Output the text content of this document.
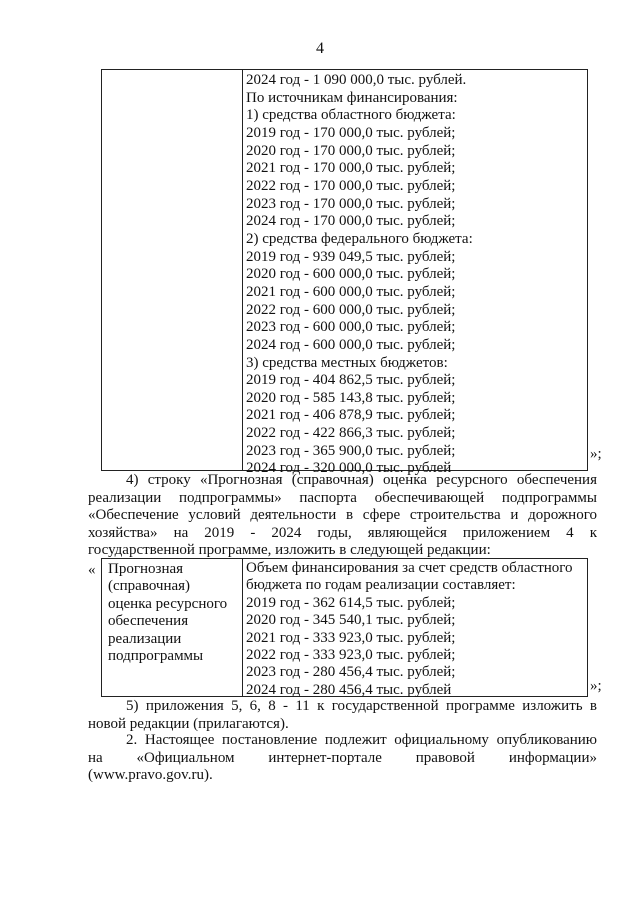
4
2024 год - 1 090 000,0 тыс. рублей.
По источникам финансирования:
1) средства областного бюджета:
2019 год - 170 000,0 тыс. рублей;
2020 год - 170 000,0 тыс. рублей;
2021 год - 170 000,0 тыс. рублей;
2022 год - 170 000,0 тыс. рублей;
2023 год - 170 000,0 тыс. рублей;
2024 год - 170 000,0 тыс. рублей;
2) средства федерального бюджета:
2019 год - 939 049,5 тыс. рублей;
2020 год - 600 000,0 тыс. рублей;
2021 год - 600 000,0 тыс. рублей;
2022 год - 600 000,0 тыс. рублей;
2023 год - 600 000,0 тыс. рублей;
2024 год - 600 000,0 тыс. рублей;
3) средства местных бюджетов:
2019 год - 404 862,5 тыс. рублей;
2020 год - 585 143,8 тыс. рублей;
2021 год - 406 878,9 тыс. рублей;
2022 год - 422 866,3 тыс. рублей;
2023 год - 365 900,0 тыс. рублей;
2024 год - 320 000,0 тыс. рублей
»;
4) строку «Прогнозная (справочная) оценка ресурсного обеспечения
реализации подпрограммы» паспорта обеспечивающей подпрограммы
«Обеспечение условий деятельности в сфере строительства и дорожного
хозяйства» на 2019 - 2024 годы, являющейся приложением 4 к
государственной программе, изложить в следующей редакции:
« Прогнозная
(справочная)
оценка ресурсного
обеспечения
реализации
подпрограммы
Объем финансирования за счет средств областного
бюджета по годам реализации составляет:
2019 год - 362 614,5 тыс. рублей;
2020 год - 345 540,1 тыс. рублей;
2021 год - 333 923,0 тыс. рублей;
2022 год - 333 923,0 тыс. рублей;
2023 год - 280 456,4 тыс. рублей;
2024 год - 280 456,4 тыс. рублей	»;
5) приложения 5, 6, 8 - 11 к государственной программе изложить в
новой редакции (прилагаются).
2. Настоящее постановление подлежит официальному опубликованию
на «Официальном интернет-портале правовой информации»
(www.pravo.gov.ru).
